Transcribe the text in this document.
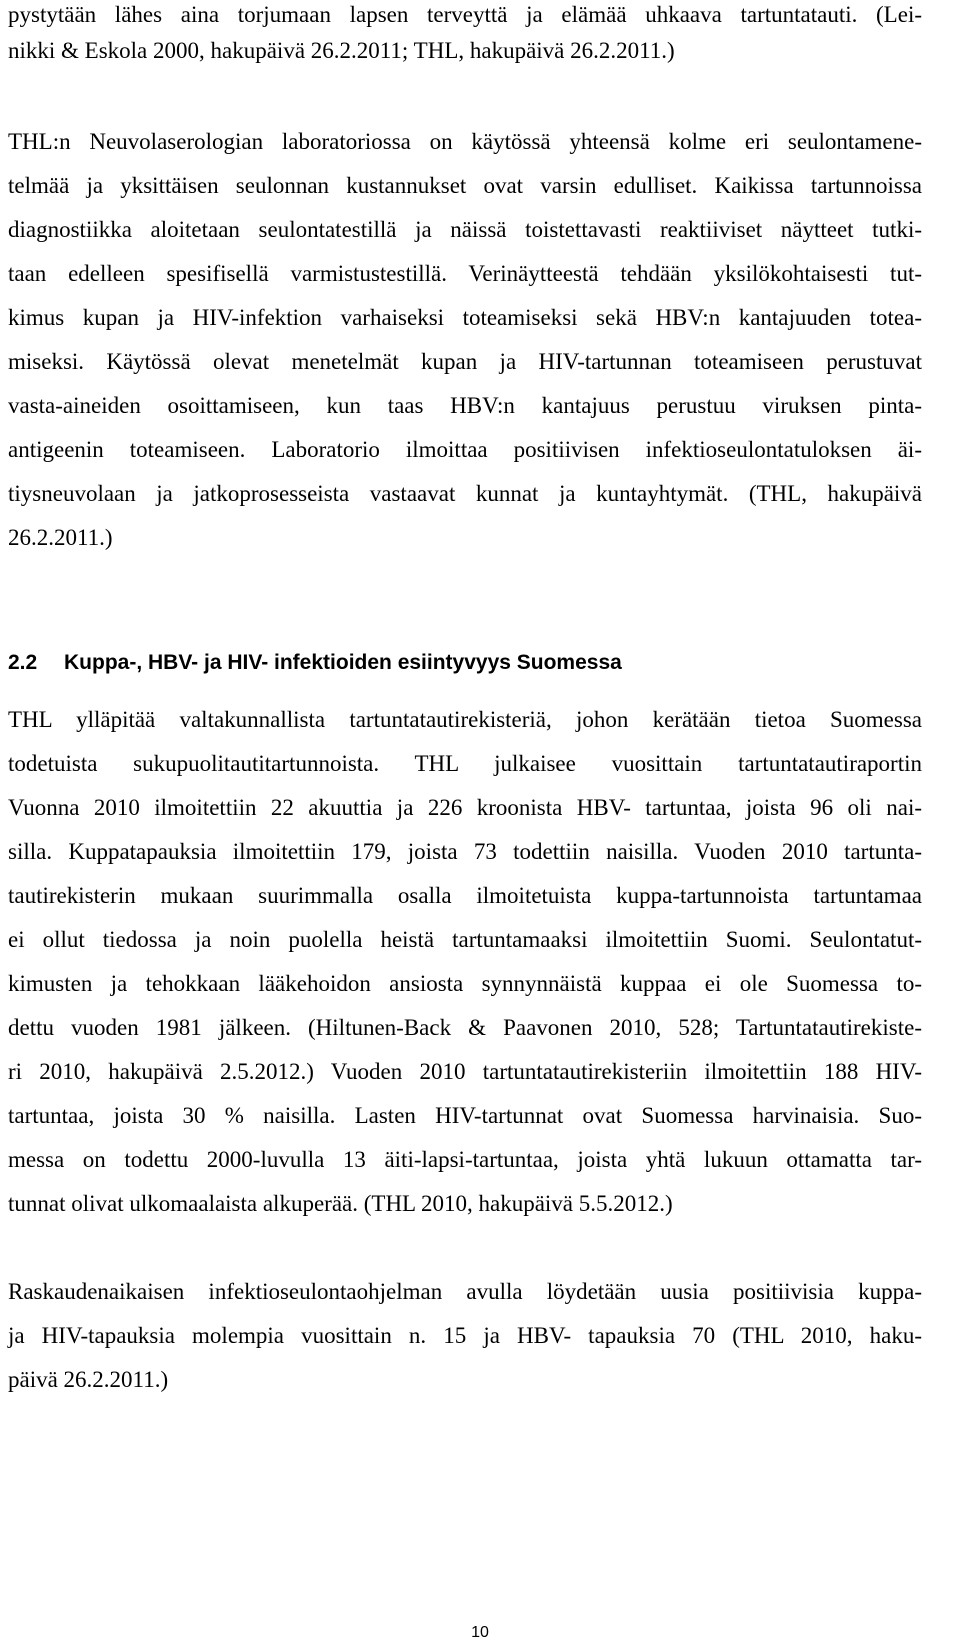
pystytään lähes aina torjumaan lapsen terveyttä ja elämää uhkaava tartuntatauti. (Lei-
nikki & Eskola 2000, hakupäivä 26.2.2011; THL, hakupäivä 26.2.2011.)
THL:n Neuvolaserologian laboratoriossa on käytössä yhteensä kolme eri seulontamene-
telmää ja yksittäisen seulonnan kustannukset ovat varsin edulliset. Kaikissa tartunnoissa
diagnostiikka aloitetaan seulontatestillä ja näissä toistettavasti reaktiiviset näytteet tutki-
taan edelleen spesifisellä varmistustestillä. Verinäytteestä tehdään yksilökohtaisesti tut-
kimus kupan ja HIV-infektion varhaiseksi toteamiseksi sekä HBV:n kantajuuden totea-
miseksi. Käytössä olevat menetelmät kupan ja HIV-tartunnan toteamiseen perustuvat
vasta-aineiden osoittamiseen, kun taas HBV:n kantajuus perustuu viruksen pinta-
antigeenin toteamiseen. Laboratorio ilmoittaa positiivisen infektioseulontatuloksen äi-
tiysneuvolaan ja jatkoprosesseista vastaavat kunnat ja kuntayhtymät. (THL, hakupäivä
26.2.2011.)
2.2 Kuppa-, HBV- ja HIV- infektioiden esiintyvyys Suomessa
THL ylläpitää valtakunnallista tartuntatautirekisteriä, johon kerätään tietoa Suomessa
todetuista sukupuolitautitartunnoista. THL julkaisee vuosittain tartuntatautiraportin
Vuonna 2010 ilmoitettiin 22 akuuttia ja 226 kroonista HBV- tartuntaa, joista 96 oli nai-
silla. Kuppatapauksia ilmoitettiin 179, joista 73 todettiin naisilla. Vuoden 2010 tartunta-
tautirekisterin mukaan suurimmalla osalla ilmoitetuista kuppa-tartunnoista tartuntamaa
ei ollut tiedossa ja noin puolella heistä tartuntamaaksi ilmoitettiin Suomi. Seulontatut-
kimusten ja tehokkaan lääkehoidon ansiosta synnynnäistä kuppaa ei ole Suomessa to-
dettu vuoden 1981 jälkeen. (Hiltunen-Back & Paavonen 2010, 528; Tartuntatautirekiste-
ri 2010, hakupäivä 2.5.2012.) Vuoden 2010 tartuntatautirekisteriin ilmoitettiin 188 HIV-
tartuntaa, joista 30 % naisilla. Lasten HIV-tartunnat ovat Suomessa harvinaisia. Suo-
messa on todettu 2000-luvulla 13 äiti-lapsi-tartuntaa, joista yhtä lukuun ottamatta tar-
tunnat olivat ulkomaalaista alkuperää. (THL 2010, hakupäivä 5.5.2012.)
Raskaudenaikaisen infektioseulontaohjelman avulla löydetään uusia positiivisia kuppa-
ja HIV-tapauksia molempia vuosittain n. 15 ja HBV- tapauksia 70 (THL 2010, haku-
päivä 26.2.2011.)
10
